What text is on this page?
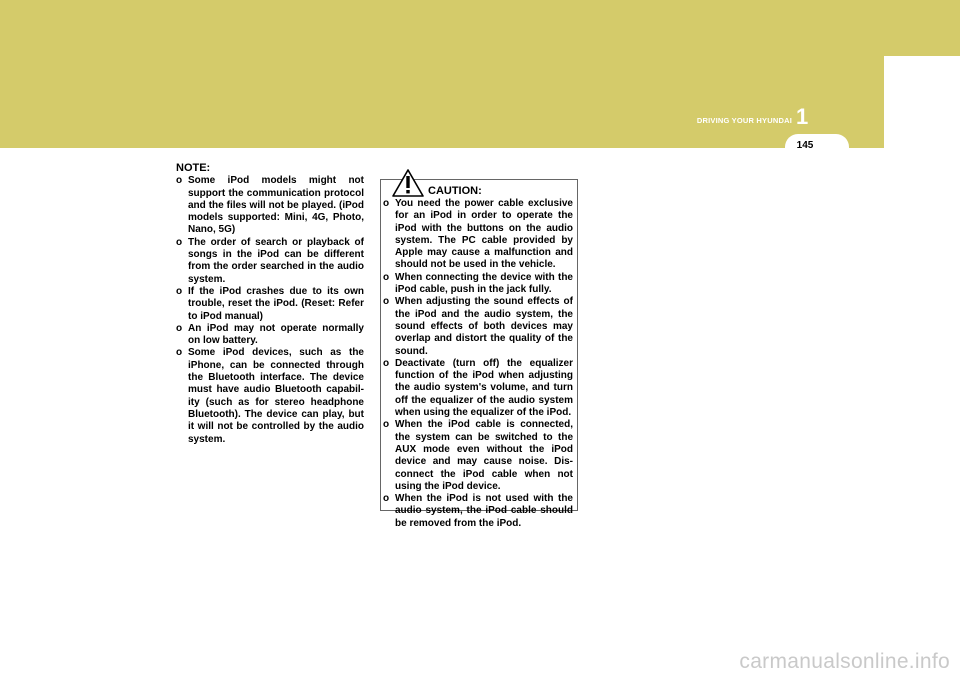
DRIVING YOUR HYUNDAI 1
145
NOTE:
o Some iPod models might not support the communication protocol and the files will not be played. (iPod models supported: Mini, 4G, Photo, Nano, 5G)
o The order of search or playback of songs in the iPod can be different from the order searched in the audio system.
o If the iPod crashes due to its own trouble, reset the iPod. (Reset: Refer to iPod manual)
o An iPod may not operate normally on low battery.
o Some iPod devices, such as the iPhone, can be connected through the Bluetooth interface. The device must have audio Bluetooth capabil-ity (such as for stereo headphone Bluetooth). The device can play, but it will not be controlled by the audio system.
CAUTION:
o You need the power cable exclusive for an iPod in order to operate the iPod with the buttons on the audio system. The PC cable provided by Apple may cause a malfunction and should not be used in the vehicle.
o When connecting the device with the iPod cable, push in the jack fully.
o When adjusting the sound effects of the iPod and the audio system, the sound effects of both devices may overlap and distort the quality of the sound.
o Deactivate (turn off) the equalizer function of the iPod when adjusting the audio system's volume, and turn off the equalizer of the audio system when using the equalizer of the iPod.
o When the iPod cable is connected, the system can be switched to the AUX mode even without the iPod device and may cause noise. Dis-connect the iPod cable when not using the iPod device.
o When the iPod is not used with the audio system, the iPod cable should be removed from the iPod.
carmanualsonline.info
